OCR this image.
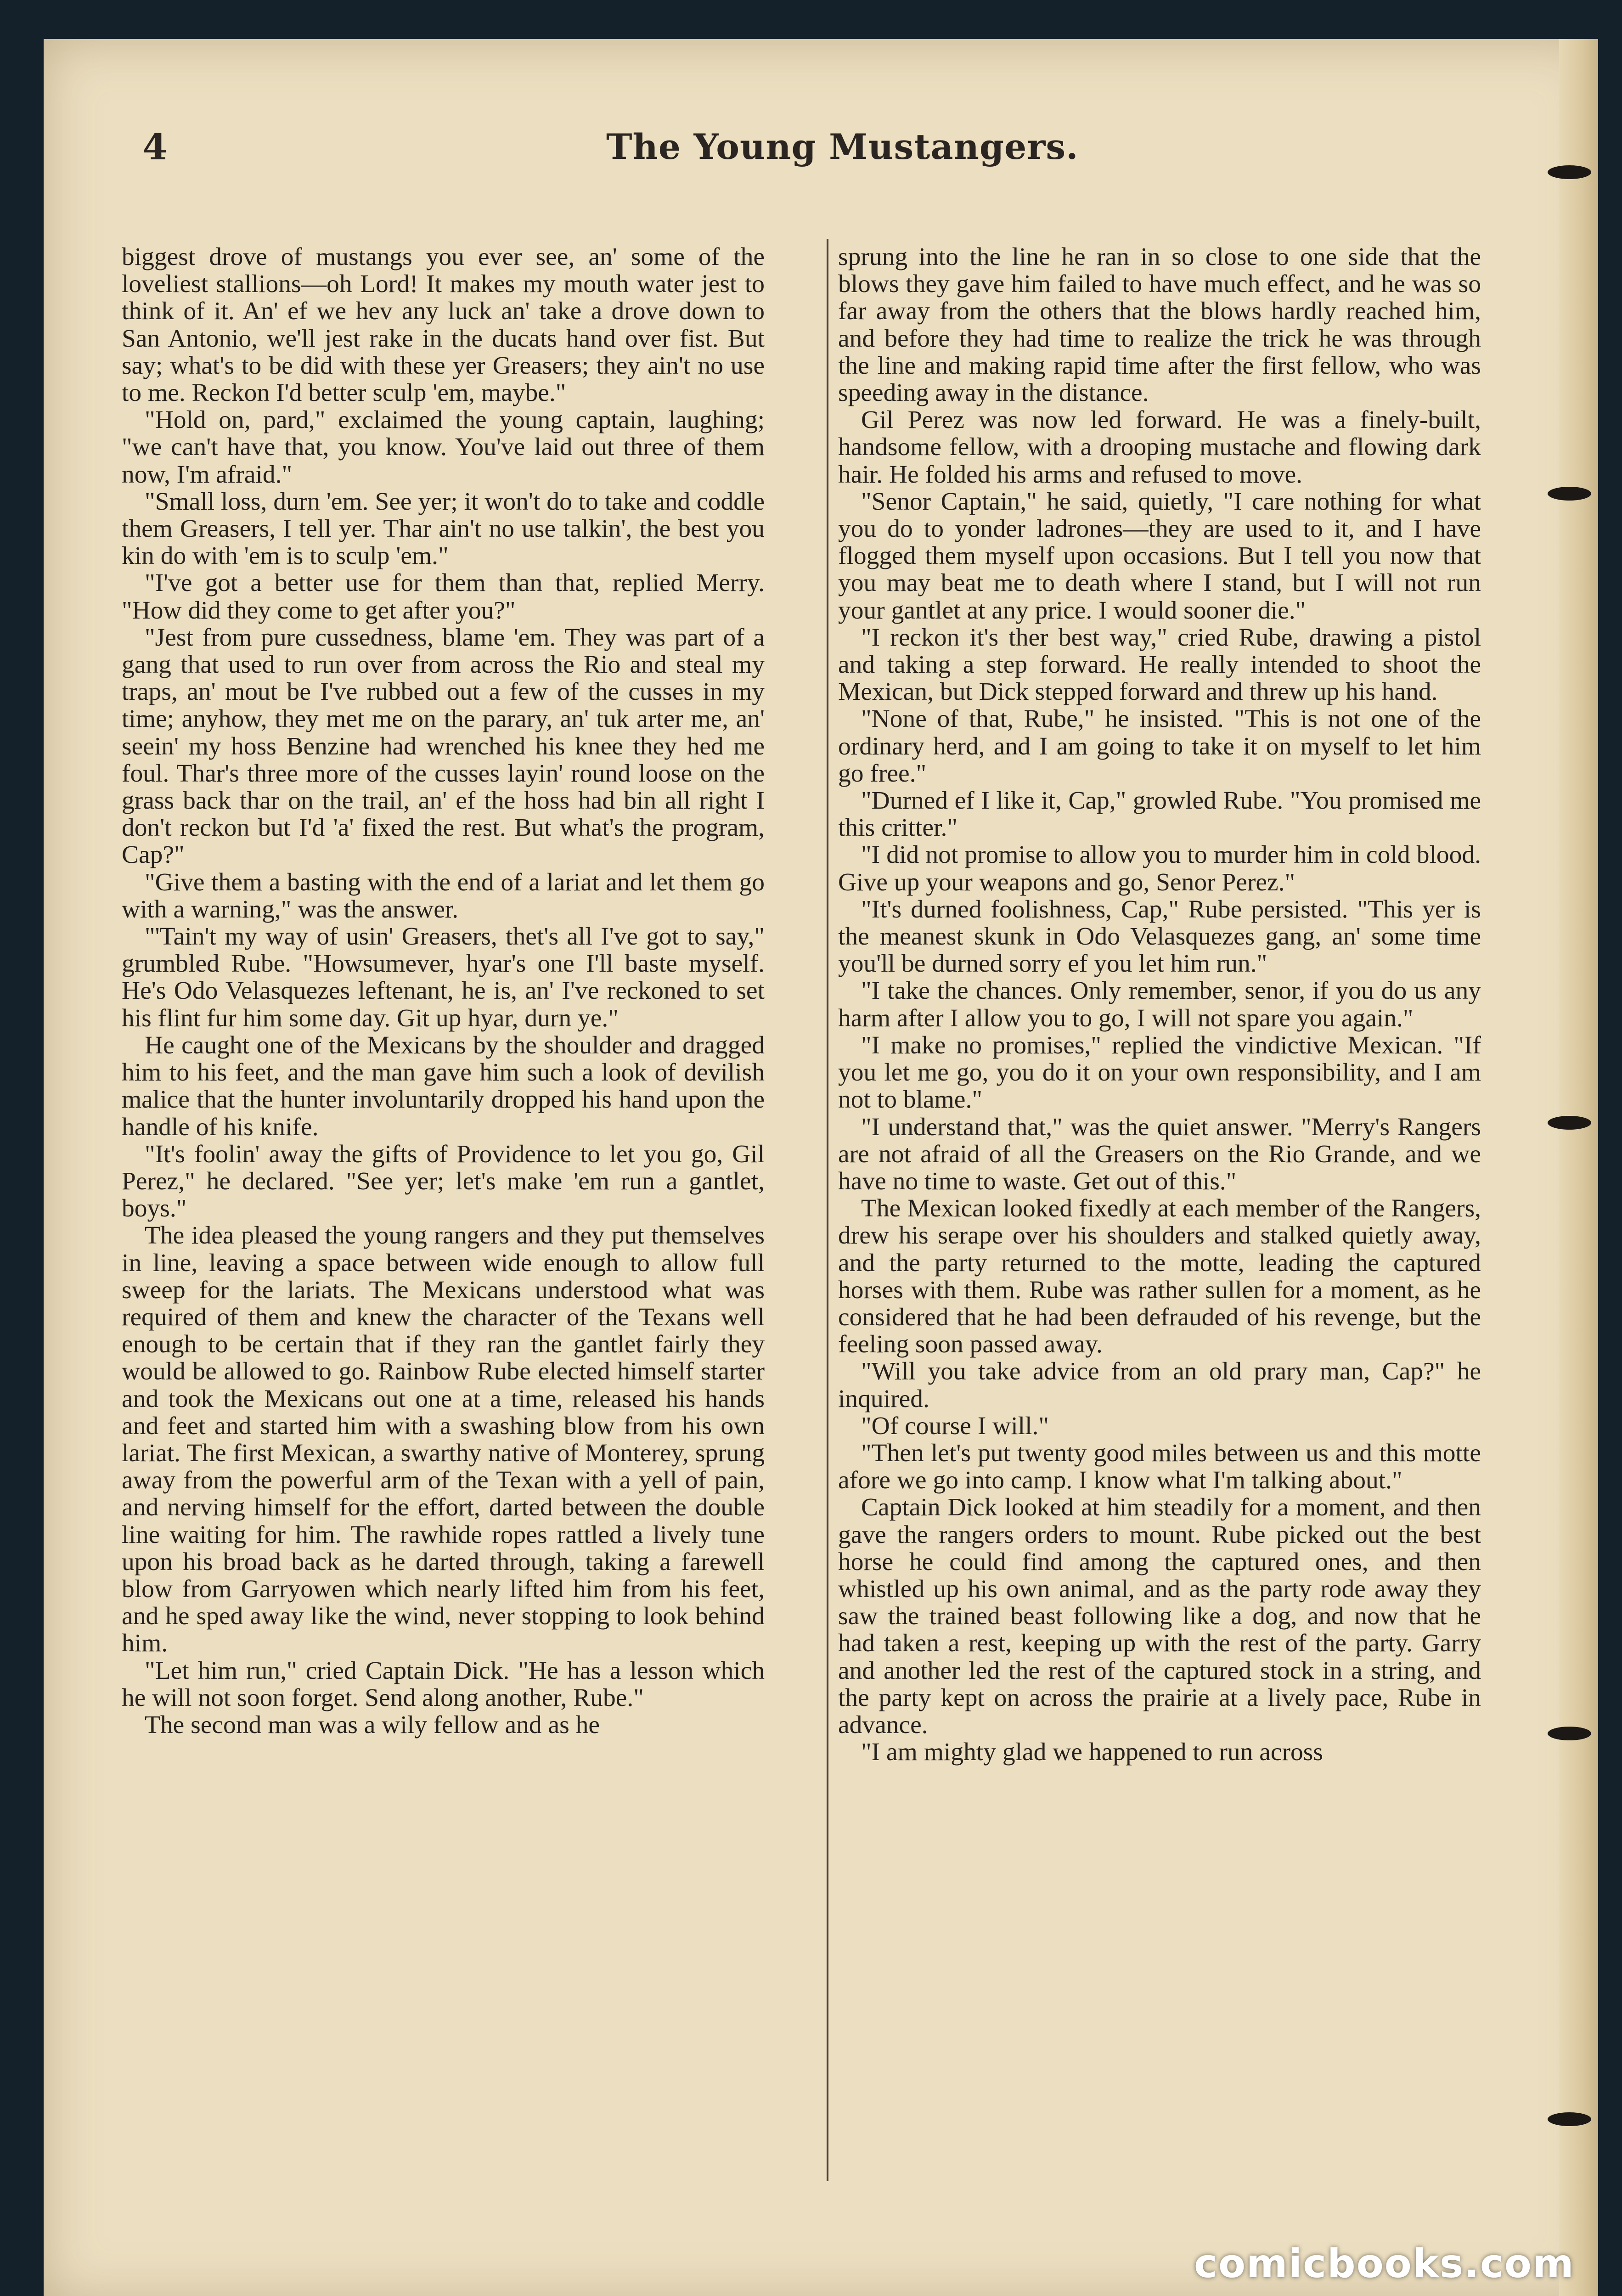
4	The Young Mustangers.

biggest drove of mustangs you ever see, an' some of the loveliest stallions—oh Lord! It makes my mouth water jest to think of it. An' ef we hev any luck an' take a drove down to San Antonio, we'll jest rake in the ducats hand over fist. But say; what's to be did with these yer Greasers; they ain't no use to me. Reckon I'd better sculp 'em, maybe."

"Hold on, pard," exclaimed the young captain, laughing; "we can't have that, you know. You've laid out three of them now, I'm afraid."

"Small loss, durn 'em. See yer; it won't do to take and coddle them Greasers, I tell yer. Thar ain't no use talkin', the best you kin do with 'em is to sculp 'em."

"I've got a better use for them than that, replied Merry. "How did they come to get after you?"

"Jest from pure cussedness, blame 'em. They was part of a gang that used to run over from across the Rio and steal my traps, an' mout be I've rubbed out a few of the cusses in my time; anyhow, they met me on the parary, an' tuk arter me, an' seein' my hoss Benzine had wrenched his knee they hed me foul. Thar's three more of the cusses layin' round loose on the grass back thar on the trail, an' ef the hoss had bin all right I don't reckon but I'd 'a' fixed the rest. But what's the program, Cap?"

"Give them a basting with the end of a lariat and let them go with a warning," was the answer.

"'Tain't my way of usin' Greasers, thet's all I've got to say," grumbled Rube. "Howsumever, hyar's one I'll baste myself. He's Odo Velasquezes leftenant, he is, an' I've reckoned to set his flint fur him some day. Git up hyar, durn ye."

He caught one of the Mexicans by the shoulder and dragged him to his feet, and the man gave him such a look of devilish malice that the hunter involuntarily dropped his hand upon the handle of his knife.

"It's foolin' away the gifts of Providence to let you go, Gil Perez," he declared. "See yer; let's make 'em run a gantlet, boys."

The idea pleased the young rangers and they put themselves in line, leaving a space between wide enough to allow full sweep for the lariats. The Mexicans understood what was required of them and knew the character of the Texans well enough to be certain that if they ran the gantlet fairly they would be allowed to go. Rainbow Rube elected himself starter and took the Mexicans out one at a time, released his hands and feet and started him with a swashing blow from his own lariat. The first Mexican, a swarthy native of Monterey, sprung away from the powerful arm of the Texan with a yell of pain, and nerving himself for the effort, darted between the double line waiting for him. The rawhide ropes rattled a lively tune upon his broad back as he darted through, taking a farewell blow from Garryowen which nearly lifted him from his feet, and he sped away like the wind, never stopping to look behind him.

"Let him run," cried Captain Dick. "He has a lesson which he will not soon forget. Send along another, Rube."

The second man was a wily fellow and as he

sprung into the line he ran in so close to one side that the blows they gave him failed to have much effect, and he was so far away from the others that the blows hardly reached him, and before they had time to realize the trick he was through the line and making rapid time after the first fellow, who was speeding away in the distance.

Gil Perez was now led forward. He was a finely-built, handsome fellow, with a drooping mustache and flowing dark hair. He folded his arms and refused to move.

"Senor Captain," he said, quietly, "I care nothing for what you do to yonder ladrones—they are used to it, and I have flogged them myself upon occasions. But I tell you now that you may beat me to death where I stand, but I will not run your gantlet at any price. I would sooner die."

"I reckon it's ther best way," cried Rube, drawing a pistol and taking a step forward. He really intended to shoot the Mexican, but Dick stepped forward and threw up his hand.

"None of that, Rube," he insisted. "This is not one of the ordinary herd, and I am going to take it on myself to let him go free."

"Durned ef I like it, Cap," growled Rube. "You promised me this critter."

"I did not promise to allow you to murder him in cold blood. Give up your weapons and go, Senor Perez."

"It's durned foolishness, Cap," Rube persisted. "This yer is the meanest skunk in Odo Velasquezes gang, an' some time you'll be durned sorry ef you let him run."

"I take the chances. Only remember, senor, if you do us any harm after I allow you to go, I will not spare you again."

"I make no promises," replied the vindictive Mexican. "If you let me go, you do it on your own responsibility, and I am not to blame."

"I understand that," was the quiet answer. "Merry's Rangers are not afraid of all the Greasers on the Rio Grande, and we have no time to waste. Get out of this."

The Mexican looked fixedly at each member of the Rangers, drew his serape over his shoulders and stalked quietly away, and the party returned to the motte, leading the captured horses with them. Rube was rather sullen for a moment, as he considered that he had been defrauded of his revenge, but the feeling soon passed away.

"Will you take advice from an old prary man, Cap?" he inquired.

"Of course I will."

"Then let's put twenty good miles between us and this motte afore we go into camp. I know what I'm talking about."

Captain Dick looked at him steadily for a moment, and then gave the rangers orders to mount. Rube picked out the best horse he could find among the captured ones, and then whistled up his own animal, and as the party rode away they saw the trained beast following like a dog, and now that he had taken a rest, keeping up with the rest of the party. Garry and another led the rest of the captured stock in a string, and the party kept on across the prairie at a lively pace, Rube in advance.

"I am mighty glad we happened to run across

comicbooks.com
